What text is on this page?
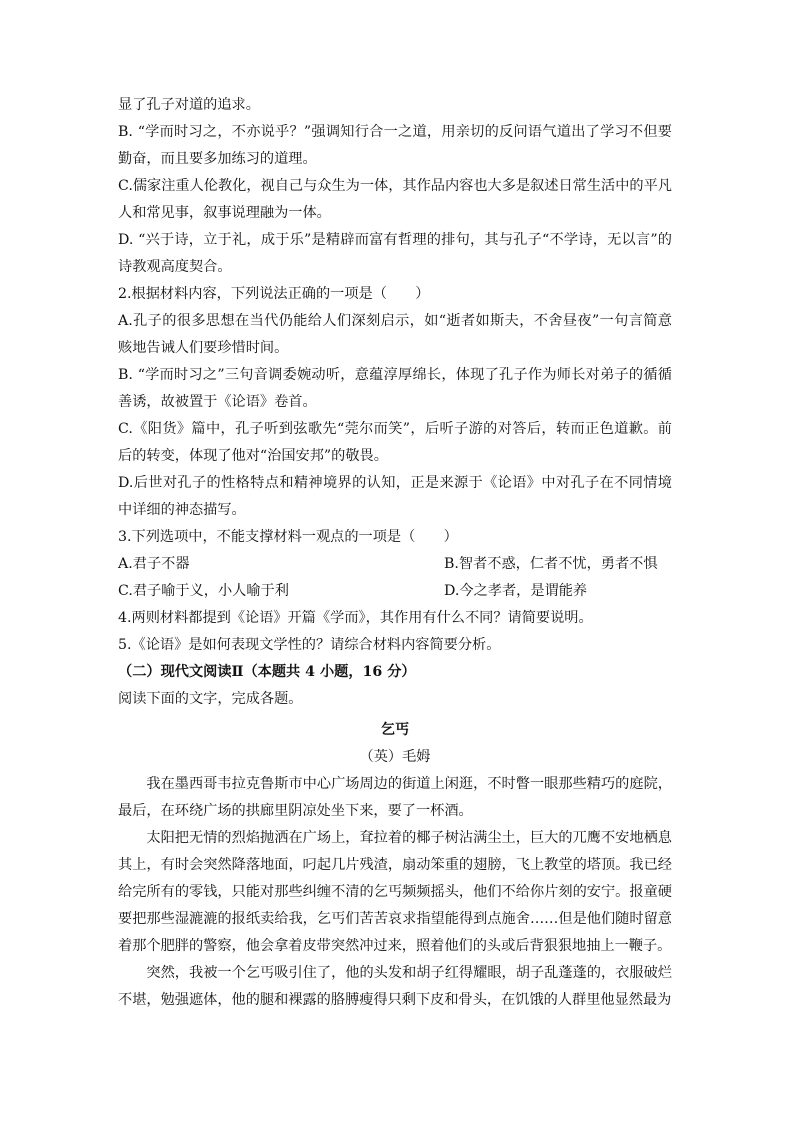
显了孔子对道的追求。

B. “学而时习之，不亦说乎？”强调知行合一之道，用亲切的反问语气道出了学习不但要勤奋，而且要多加练习的道理。

C.儒家注重人伦教化，视自己与众生为一体，其作品内容也大多是叙述日常生活中的平凡人和常见事，叙事说理融为一体。

D. “兴于诗，立于礼，成于乐”是精辟而富有哲理的排句，其与孔子“不学诗，无以言”的诗教观高度契合。

2.根据材料内容，下列说法正确的一项是（　　）

A.孔子的很多思想在当代仍能给人们深刻启示，如“逝者如斯夫，不舍昼夜”一句言简意赅地告诫人们要珍惜时间。

B. “学而时习之”三句音调委婉动听，意蕴淳厚绵长，体现了孔子作为师长对弟子的循循善诱，故被置于《论语》卷首。

C.《阳货》篇中，孔子听到弦歌先“莞尔而笑”，后听子游的对答后，转而正色道歉。前后的转变，体现了他对“治国安邦”的敬畏。

D.后世对孔子的性格特点和精神境界的认知，正是来源于《论语》中对孔子在不同情境中详细的神态描写。

3.下列选项中，不能支撑材料一观点的一项是（　　）

A.君子不器	B.智者不惑，仁者不忧，勇者不惧
C.君子喻于义，小人喻于利	D.今之孝者，是谓能养

4.两则材料都提到《论语》开篇《学而》，其作用有什么不同？请简要说明。

5.《论语》是如何表现文学性的？请综合材料内容简要分析。

（二）现代文阅读Ⅱ（本题共 4 小题，16 分）

阅读下面的文字，完成各题。

乞丐

（英）毛姆

我在墨西哥韦拉克鲁斯市中心广场周边的街道上闲逛，不时瞥一眼那些精巧的庭院，最后，在环绕广场的拱廊里阴凉处坐下来，要了一杯酒。

太阳把无情的烈焰抛洒在广场上，耷拉着的椰子树沾满尘土，巨大的兀鹰不安地栖息其上，有时会突然降落地面，叼起几片残渣，扇动笨重的翅膀，飞上教堂的塔顶。我已经给完所有的零钱，只能对那些纠缠不清的乞丐频频摇头，他们不给你片刻的安宁。报童硬要把那些湿漉漉的报纸卖给我，乞丐们苦苦哀求指望能得到点施舍……但是他们随时留意着那个肥胖的警察，他会拿着皮带突然冲过来，照着他们的头或后背狠狠地抽上一鞭子。

突然，我被一个乞丐吸引住了，他的头发和胡子红得耀眼，胡子乱蓬蓬的，衣服破烂不堪，勉强遮体，他的腿和裸露的胳膊瘦得只剩下皮和骨头，在饥饿的人群里他显然最为
